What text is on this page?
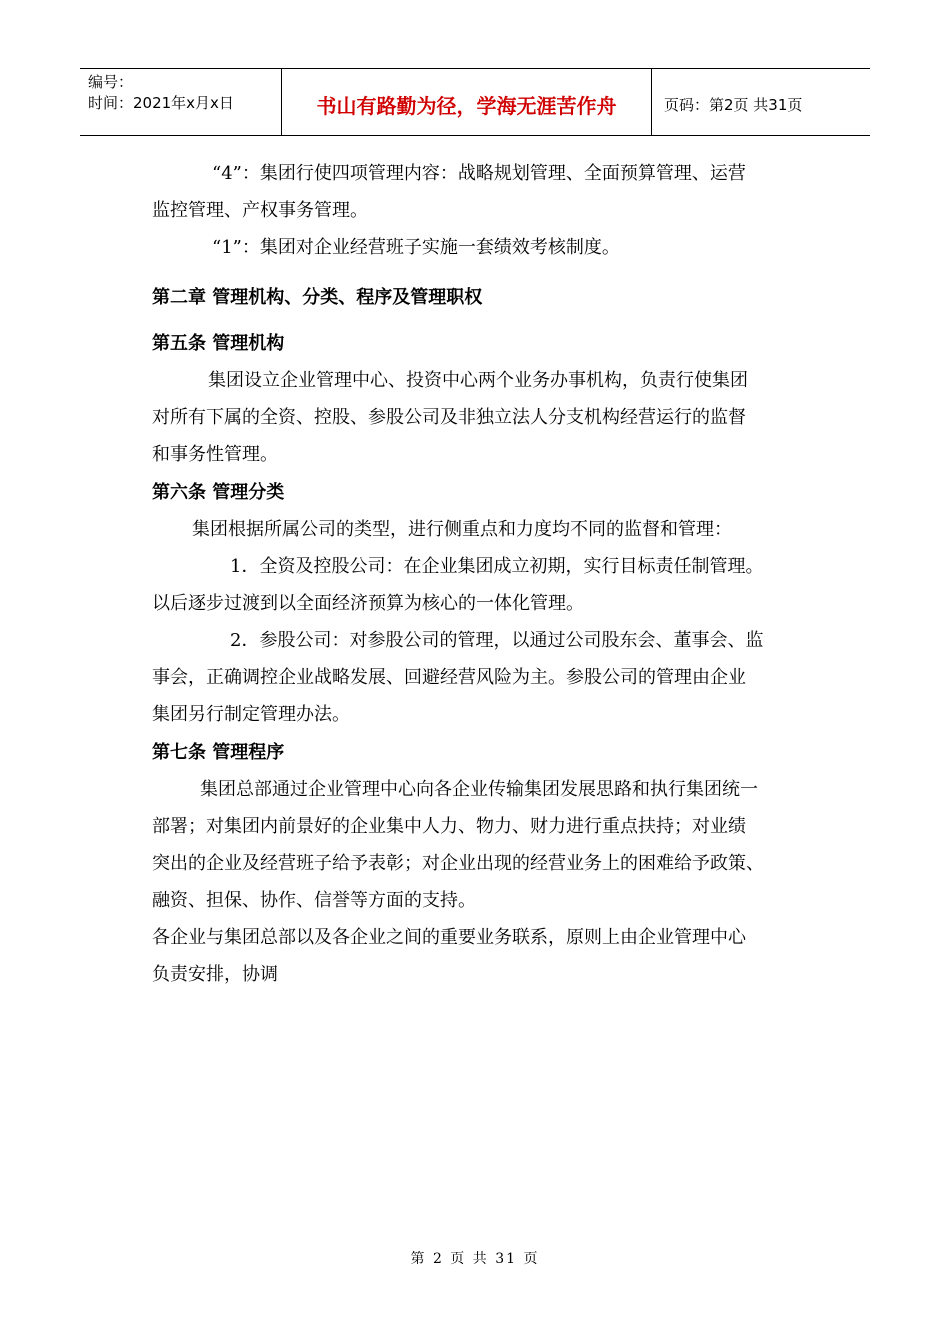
编号：
时间：2021年x月x日	书山有路勤为径，学海无涯苦作舟	页码：第2页 共31页
“4”：集团行使四项管理内容：战略规划管理、全面预算管理、运营
监控管理、产权事务管理。
“1”：集团对企业经营班子实施一套绩效考核制度。
第二章 管理机构、分类、程序及管理职权
第五条 管理机构
集团设立企业管理中心、投资中心两个业务办事机构，负责行使集团
对所有下属的全资、控股、参股公司及非独立法人分支机构经营运行的监督
和事务性管理。
第六条 管理分类
集团根据所属公司的类型，进行侧重点和力度均不同的监督和管理：
1．全资及控股公司：在企业集团成立初期，实行目标责任制管理。
以后逐步过渡到以全面经济预算为核心的一体化管理。
2．参股公司：对参股公司的管理，以通过公司股东会、董事会、监
事会，正确调控企业战略发展、回避经营风险为主。参股公司的管理由企业
集团另行制定管理办法。
第七条 管理程序
集团总部通过企业管理中心向各企业传输集团发展思路和执行集团统一
部署；对集团内前景好的企业集中人力、物力、财力进行重点扶持；对业绩
突出的企业及经营班子给予表彰；对企业出现的经营业务上的困难给予政策、
融资、担保、协作、信誉等方面的支持。
各企业与集团总部以及各企业之间的重要业务联系，原则上由企业管理中心
负责安排，协调
第 2 页 共 31 页
